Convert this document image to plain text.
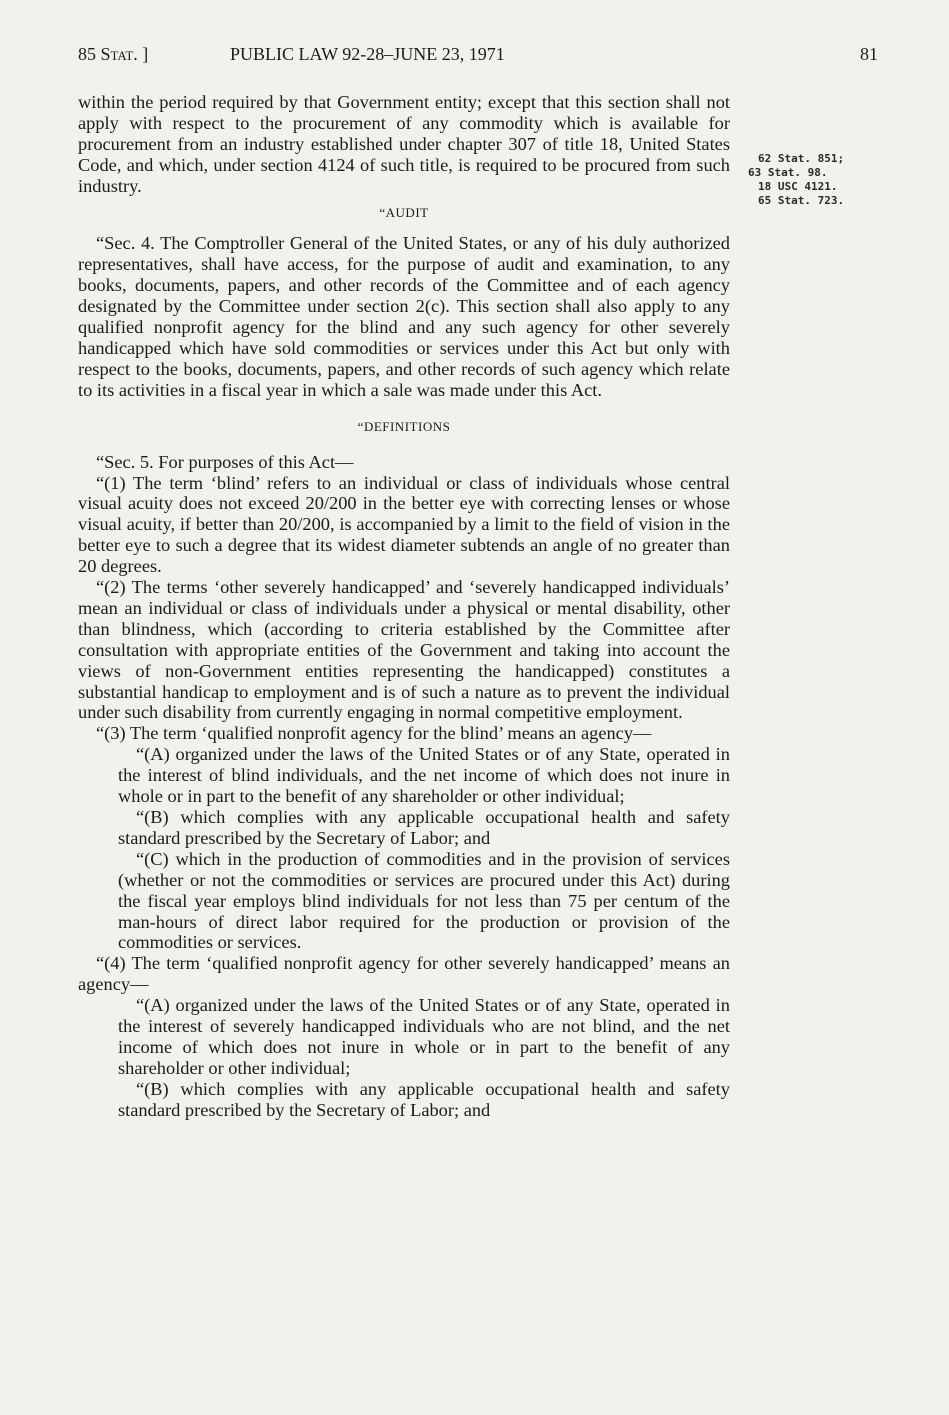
85 Stat. ]	PUBLIC LAW 92-28–JUNE 23, 1971	81
62 Stat. 851;
63 Stat. 98.
18 USC 4121.
65 Stat. 723.

within the period required by that Government entity; except that this section shall not apply with respect to the procurement of any commodity which is available for procurement from an industry established under chapter 307 of title 18, United States Code, and which, under section 4124 of such title, is required to be procured from such industry.

“AUDIT

“Sec. 4. The Comptroller General of the United States, or any of his duly authorized representatives, shall have access, for the purpose of audit and examination, to any books, documents, papers, and other records of the Committee and of each agency designated by the Committee under section 2(c). This section shall also apply to any qualified nonprofit agency for the blind and any such agency for other severely handicapped which have sold commodities or services under this Act but only with respect to the books, documents, papers, and other records of such agency which relate to its activities in a fiscal year in which a sale was made under this Act.

“DEFINITIONS

“Sec. 5. For purposes of this Act—

“(1) The term ‘blind’ refers to an individual or class of individuals whose central visual acuity does not exceed 20/200 in the better eye with correcting lenses or whose visual acuity, if better than 20/200, is accompanied by a limit to the field of vision in the better eye to such a degree that its widest diameter subtends an angle of no greater than 20 degrees.

“(2) The terms ‘other severely handicapped’ and ‘severely handicapped individuals’ mean an individual or class of individuals under a physical or mental disability, other than blindness, which (according to criteria established by the Committee after consultation with appropriate entities of the Government and taking into account the views of non-Government entities representing the handicapped) constitutes a substantial handicap to employment and is of such a nature as to prevent the individual under such disability from currently engaging in normal competitive employment.

“(3) The term ‘qualified nonprofit agency for the blind’ means an agency—

“(A) organized under the laws of the United States or of any State, operated in the interest of blind individuals, and the net income of which does not inure in whole or in part to the benefit of any shareholder or other individual;

“(B) which complies with any applicable occupational health and safety standard prescribed by the Secretary of Labor; and

“(C) which in the production of commodities and in the provision of services (whether or not the commodities or services are procured under this Act) during the fiscal year employs blind individuals for not less than 75 per centum of the man-hours of direct labor required for the production or provision of the commodities or services.

“(4) The term ‘qualified nonprofit agency for other severely handicapped’ means an agency—

“(A) organized under the laws of the United States or of any State, operated in the interest of severely handicapped individuals who are not blind, and the net income of which does not inure in whole or in part to the benefit of any shareholder or other individual;

“(B) which complies with any applicable occupational health and safety standard prescribed by the Secretary of Labor; and
